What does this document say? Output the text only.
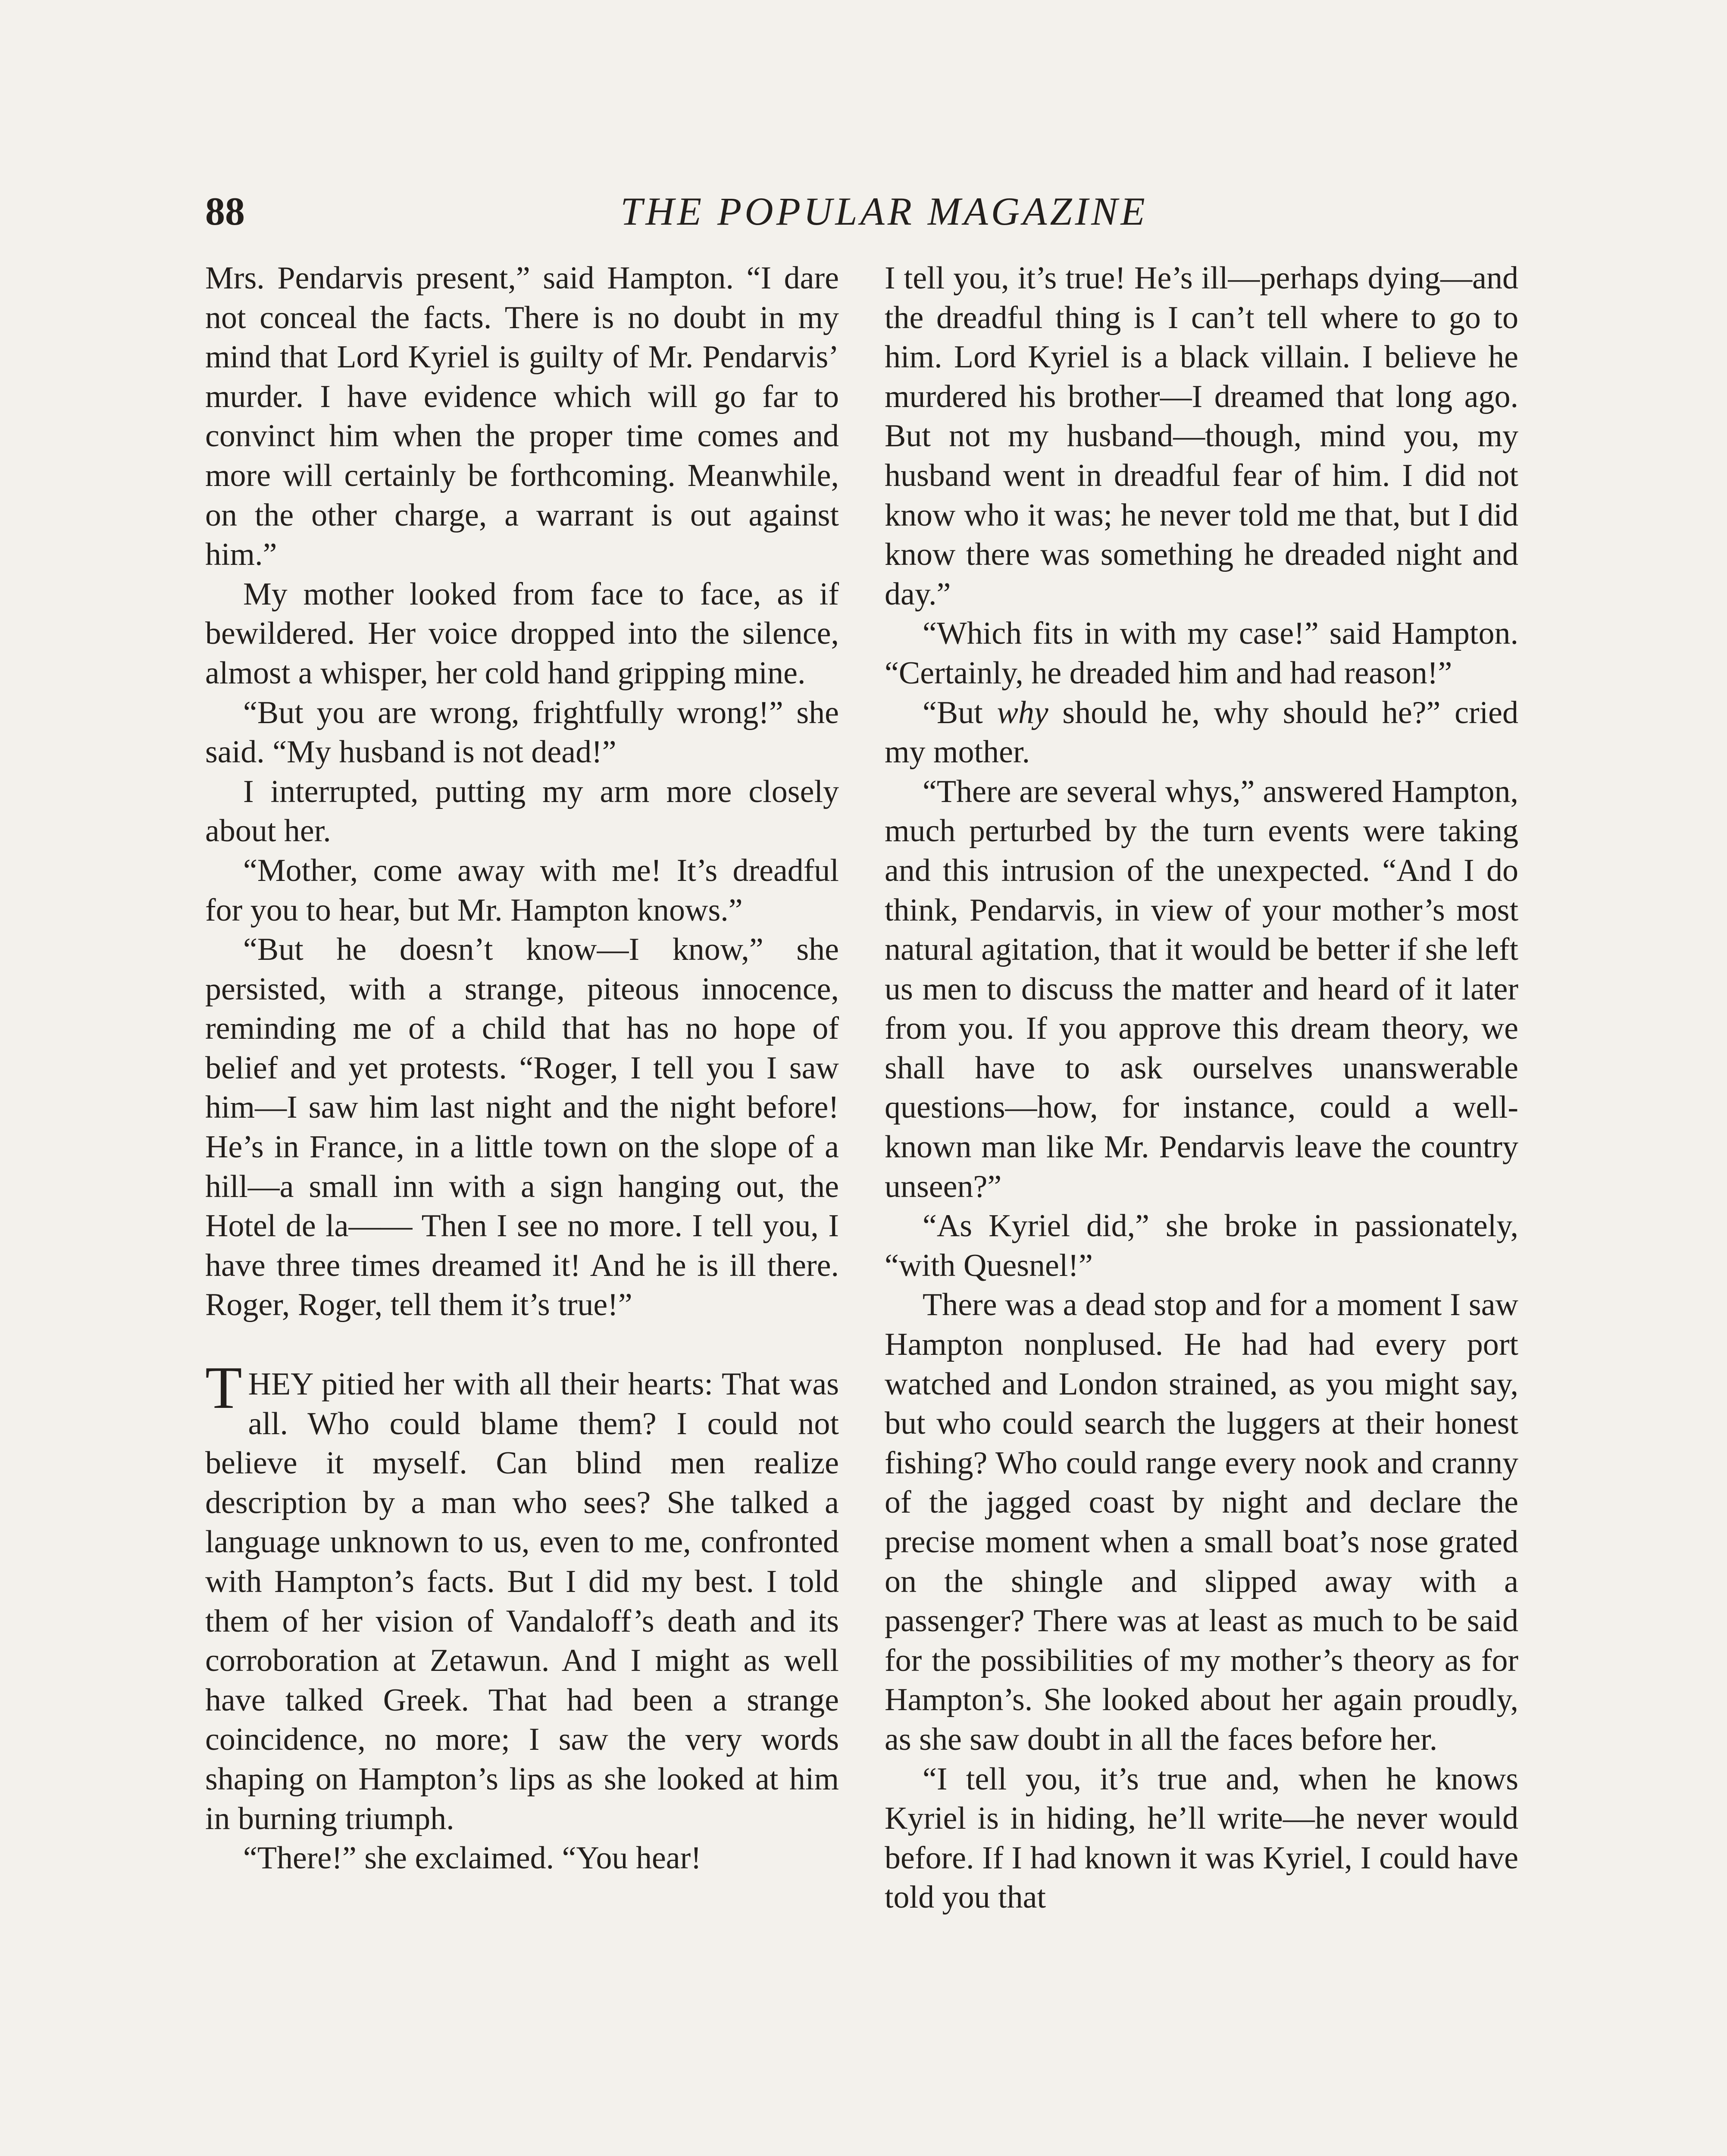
88	THE POPULAR MAGAZINE

Mrs. Pendarvis present,” said Hampton. “I dare not conceal the facts. There is no doubt in my mind that Lord Kyriel is guilty of Mr. Pendarvis’ murder. I have evidence which will go far to convinct him when the proper time comes and more will certainly be forthcoming. Meanwhile, on the other charge, a warrant is out against him.”

My mother looked from face to face, as if bewildered. Her voice dropped into the silence, almost a whisper, her cold hand gripping mine.

“But you are wrong, frightfully wrong!” she said. “My husband is not dead!”

I interrupted, putting my arm more closely about her.

“Mother, come away with me! It’s dreadful for you to hear, but Mr. Hampton knows.”

“But he doesn’t know—I know,” she persisted, with a strange, piteous innocence, reminding me of a child that has no hope of belief and yet protests. “Roger, I tell you I saw him—I saw him last night and the night before! He’s in France, in a little town on the slope of a hill—a small inn with a sign hanging out, the Hotel de la—— Then I see no more. I tell you, I have three times dreamed it! And he is ill there. Roger, Roger, tell them it’s true!”

THEY pitied her with all their hearts: That was all. Who could blame them? I could not believe it myself. Can blind men realize description by a man who sees? She talked a language unknown to us, even to me, confronted with Hampton’s facts. But I did my best. I told them of her vision of Vandaloff’s death and its corroboration at Zetawun. And I might as well have talked Greek. That had been a strange coincidence, no more; I saw the very words shaping on Hampton’s lips as she looked at him in burning triumph.

“There!” she exclaimed. “You hear!

I tell you, it’s true! He’s ill—perhaps dying—and the dreadful thing is I can’t tell where to go to him. Lord Kyriel is a black villain. I believe he murdered his brother—I dreamed that long ago. But not my husband—though, mind you, my husband went in dreadful fear of him. I did not know who it was; he never told me that, but I did know there was something he dreaded night and day.”

“Which fits in with my case!” said Hampton. “Certainly, he dreaded him and had reason!”

“But why should he, why should he?” cried my mother.

“There are several whys,” answered Hampton, much perturbed by the turn events were taking and this intrusion of the unexpected. “And I do think, Pendarvis, in view of your mother’s most natural agitation, that it would be better if she left us men to discuss the matter and heard of it later from you. If you approve this dream theory, we shall have to ask ourselves unanswerable questions—how, for instance, could a well-known man like Mr. Pendarvis leave the country unseen?”

“As Kyriel did,” she broke in passionately, “with Quesnel!”

There was a dead stop and for a moment I saw Hampton nonplused. He had had every port watched and London strained, as you might say, but who could search the luggers at their honest fishing? Who could range every nook and cranny of the jagged coast by night and declare the precise moment when a small boat’s nose grated on the shingle and slipped away with a passenger? There was at least as much to be said for the possibilities of my mother’s theory as for Hampton’s. She looked about her again proudly, as she saw doubt in all the faces before her.

“I tell you, it’s true and, when he knows Kyriel is in hiding, he’ll write—he never would before. If I had known it was Kyriel, I could have told you that
